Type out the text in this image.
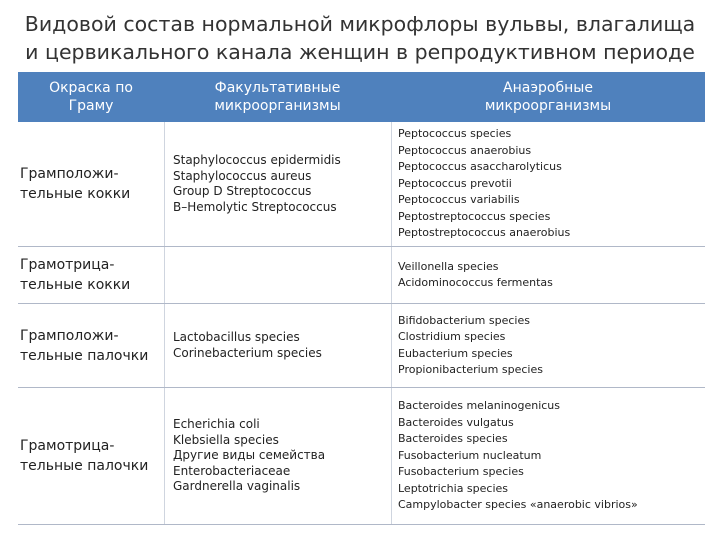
Видовой состав нормальной микрофлоры вульвы, влагалища
и цервикального канала женщин в репродуктивном периоде
Окраска по
Граму
Факультативные
микроорганизмы
Анаэробные
микроорганизмы
Грамположи-
тельные кокки
Staphylococcus epidermidis
Staphylococcus aureus
Group D Streptococcus
B–Hemolytic Streptococcus
Peptococcus species
Peptococcus anaerobius
Peptococcus asaccharolyticus
Peptococcus prevotii
Peptococcus variabilis
Peptostreptococcus species
Peptostreptococcus anaerobius
Грамотрица-
тельные кокки
Veillonella species
Acidominococcus fermentas
Грамположи-
тельные палочки
Lactobacillus species
Corinebacterium species
Bifidobacterium species
Clostridium species
Eubacterium species
Propionibacterium species
Грамотрица-
тельные палочки
Echerichia coli
Klebsiella species
Другие виды семейства
Enterobacteriaceae
Gardnerella vaginalis
Bacteroides melaninogenicus
Bacteroides vulgatus
Bacteroides species
Fusobacterium nucleatum
Fusobacterium species
Leptotrichia species
Campylobacter species «anaerobic vibrios»
